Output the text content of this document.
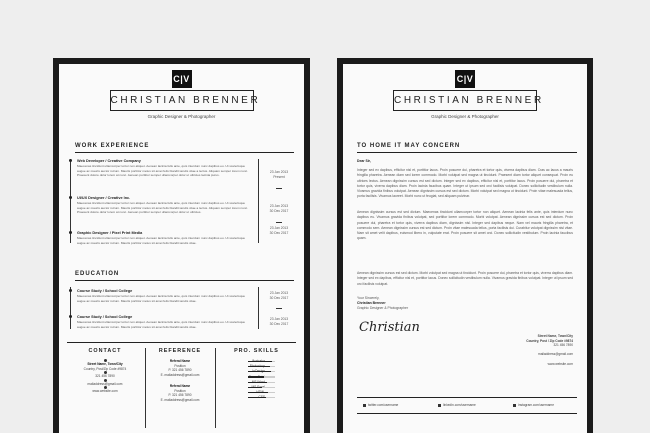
C|V
CHRISTIAN BRENNER
Graphic Designer & Photographer
WORK EXPERIENCE
Web Developer / Creative Company
Maecenas tincidunt ullamcorper tortor non aliquet. Aenean lacinia felis ante, quis interdum nunc dapibus eu. Ut scelerisque augue ac mauris auctor rutrum. Mauris porttitor metus sit amet felis blandit iaculis vitae a lectus. Aliquam semper lorem nunc. Praesent dolore dolor lorem at nunc. Aenean porttitor semper ullamcorper dolor ut ultricies lacinia purus.
23 Jan 2013
Present
UI/UX Designer / Creative Inc.
Maecenas tincidunt ullamcorper tortor non aliquet. Aenean lacinia felis ante, quis interdum nunc dapibus eu. Ut scelerisque augue ac mauris auctor rutrum. Mauris porttitor metus sit amet felis blandit iaculis vitae a lectus. Aliquam semper lorem nunc. Praesent dolore dolor lorem at nunc. Aenean porttitor semper ullamcorper dolor ut ultricies.
23 Jan 2013
30 Dec 2017
Graphic Designer / Pixel Print Media
Maecenas tincidunt ullamcorper tortor non aliquet. Aenean lacinia felis ante, quis interdum nunc dapibus eu. Ut scelerisque augue ac mauris auctor rutrum. Mauris porttitor metus sit amet felis blandit iaculis vitae.
23 Jan 2013
30 Dec 2017
EDUCATION
Course Study / School College
Maecenas tincidunt ullamcorper tortor non aliquet. Aenean lacinia felis ante, quis interdum nunc dapibus eu. Ut scelerisque augue ac mauris auctor rutrum. Mauris porttitor metus sit amet felis blandit iaculis vitae.
23 Jan 2013
30 Dec 2017
Course Study / School College
Maecenas tincidunt ullamcorper tortor non aliquet. Aenean lacinia felis ante, quis interdum nunc dapibus eu. Ut scelerisque augue ac mauris auctor rutrum. Mauris porttitor metus sit amet felis blandit iaculis vitae.
23 Jan 2013
30 Dec 2017
CONTACT
Street Name, Town/City
Country, Post/Zip Code #9874

321 456 7890

mailaddress@gmail.com

www.website.com
REFERENCE
Referal Name
Position
P. 321 456 7890
E. mailaddress@gmail.com
Referal Name
Position
P. 321 456 7890
E. mailaddress@gmail.com
PRO. SKILLS
C|V
CHRISTIAN BRENNER
Graphic Designer & Photographer
TO HOME IT MAY CONCERN
Dear Sir,
Integer sed ex dapibus, efficitur nisl et, porttitor lacus. Proin posuere dui, pharetra et tortor quis, viverra dapibus diam. Cras ac lacus a mauris fringilla pharetra. Aenean diam sed lorem commodo. Morbi volutpat sed magna ut tincidunt. Praesent diam tortor aliquet consequat. Proin eu ultrices lectus. Aenean dignissim cursus est sed dictum. Integer sed ex dapibus, efficitur nisl et, porttitor lacus. Proin posuere dui, pharetra et tortor quis, viverra dapibus diam. Proin lacinia faucibus quam. Integer ut ipsum sed orci facilisis volutpat. Donec sollicitudin vestibulum nulla. Vivamus gravida finibus volutpat. Aenean dignissim cursus est sed dictum. Morbi volutpat sed magna ut tincidunt. Proin vitae malesuada tellus, porta facilisis. Vivamus laoreet. Morbi nunc ut feugiat, sed aliquam pulvinar.
Aenean dignissim cursus est sed dictum. Maecenas tincidunt ullamcorper tortor non aliquet. Aenean lacinia felis ante, quis interdum nunc dapibus eu. Vivamus gravida finibus volutpat, sed porttitor lorem commodo. Morbi volutpat. Aenean dignissim cursus est sed dictum. Proin posuere dui, pharetra et tortor quis, viverra dapibus diam, dignissim nisl. Integer sed dapibus neque. Nam vel mauris fringilla pharetra, et commodo sem. Aenean dignissim cursus est sed dictum. Proin vitae malesuada tellus, porta facilisis dui. Curabitur volutpat dignissim nisl vitae. Nam sit amet velit dapibus, euismod libero in, vulputate erat. Proin posuere sit amet orci. Donec sollicitudin vestibulum. Proin lacinia faucibus quam.
Aenean dignissim cursus est sed dictum. Morbi volutpat sed magna ut tincidunt. Proin posuere dui, pharetra et tortor quis, viverra dapibus diam. Integer sed ex dapibus, efficitur nisl et, porttitor lacus. Donec sollicitudin vestibulum nulla. Vivamus gravida finibus volutpat. Integer ut ipsum sed orci facilisis volutpat.
Your Sincerely,
Christian Brenner
Graphic Designer & Photographer
Christian
Street Name, Town/City
Country, Post / Zip Code #9874
321 456 7890

mailaddress@gmail.com

www.website.com
twitter.com/username	linkedin.com/username	instagram.com/username
